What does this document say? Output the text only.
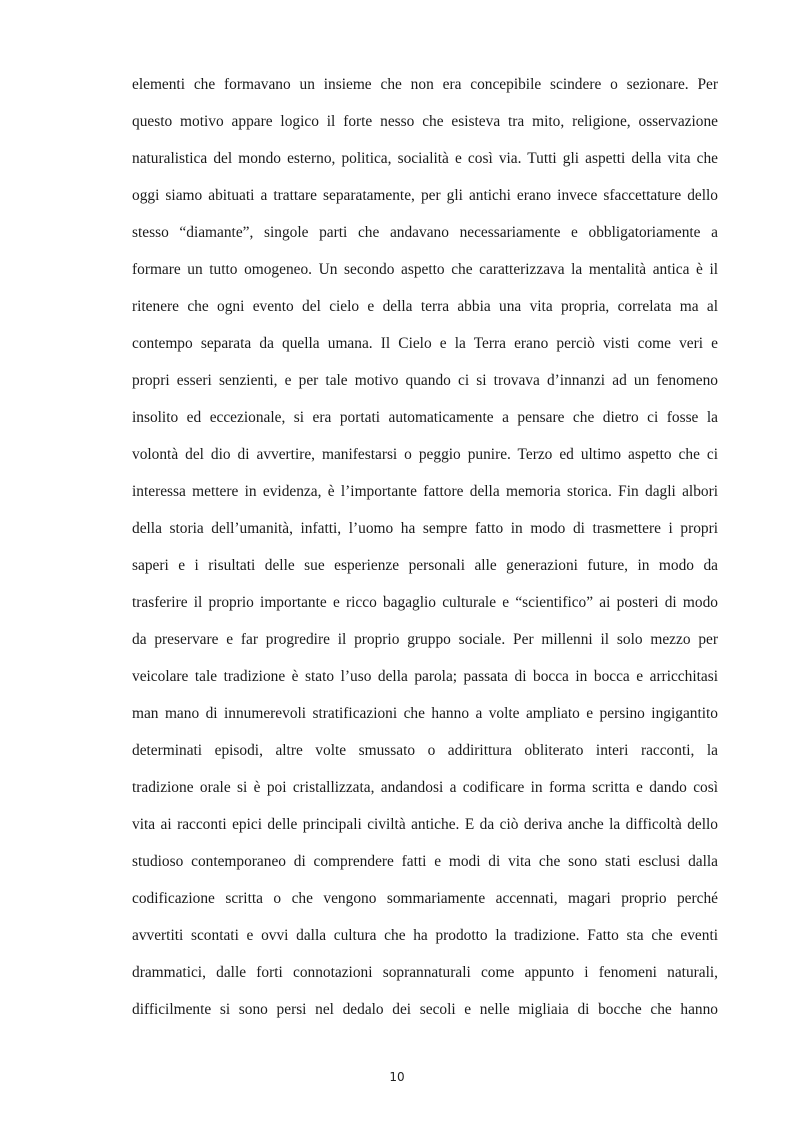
elementi che formavano un insieme che non era concepibile scindere o sezionare. Per
questo motivo appare logico il forte nesso che esisteva tra mito, religione, osservazione
naturalistica del mondo esterno, politica, socialità e così via. Tutti gli aspetti della vita che
oggi siamo abituati a trattare separatamente, per gli antichi erano invece sfaccettature dello
stesso “diamante”, singole parti che andavano necessariamente e obbligatoriamente a
formare un tutto omogeneo. Un secondo aspetto che caratterizzava la mentalità antica è il
ritenere che ogni evento del cielo e della terra abbia una vita propria, correlata ma al
contempo separata da quella umana. Il Cielo e la Terra erano perciò visti come veri e
propri esseri senzienti, e per tale motivo quando ci si trovava d’innanzi ad un fenomeno
insolito ed eccezionale, si era portati automaticamente a pensare che dietro ci fosse la
volontà del dio di avvertire, manifestarsi o peggio punire. Terzo ed ultimo aspetto che ci
interessa mettere in evidenza, è l’importante fattore della memoria storica. Fin dagli albori
della storia dell’umanità, infatti, l’uomo ha sempre fatto in modo di trasmettere i propri
saperi e i risultati delle sue esperienze personali alle generazioni future, in modo da
trasferire il proprio importante e ricco bagaglio culturale e “scientifico” ai posteri di modo
da preservare e far progredire il proprio gruppo sociale. Per millenni il solo mezzo per
veicolare tale tradizione è stato l’uso della parola; passata di bocca in bocca e arricchitasi
man mano di innumerevoli stratificazioni che hanno a volte ampliato e persino ingigantito
determinati episodi, altre volte smussato o addirittura obliterato interi racconti, la
tradizione orale si è poi cristallizzata, andandosi a codificare in forma scritta e dando così
vita ai racconti epici delle principali civiltà antiche. E da ciò deriva anche la difficoltà dello
studioso contemporaneo di comprendere fatti e modi di vita che sono stati esclusi dalla
codificazione scritta o che vengono sommariamente accennati, magari proprio perché
avvertiti scontati e ovvi dalla cultura che ha prodotto la tradizione. Fatto sta che eventi
drammatici, dalle forti connotazioni soprannaturali come appunto i fenomeni naturali,
difficilmente si sono persi nel dedalo dei secoli e nelle migliaia di bocche che hanno
10
